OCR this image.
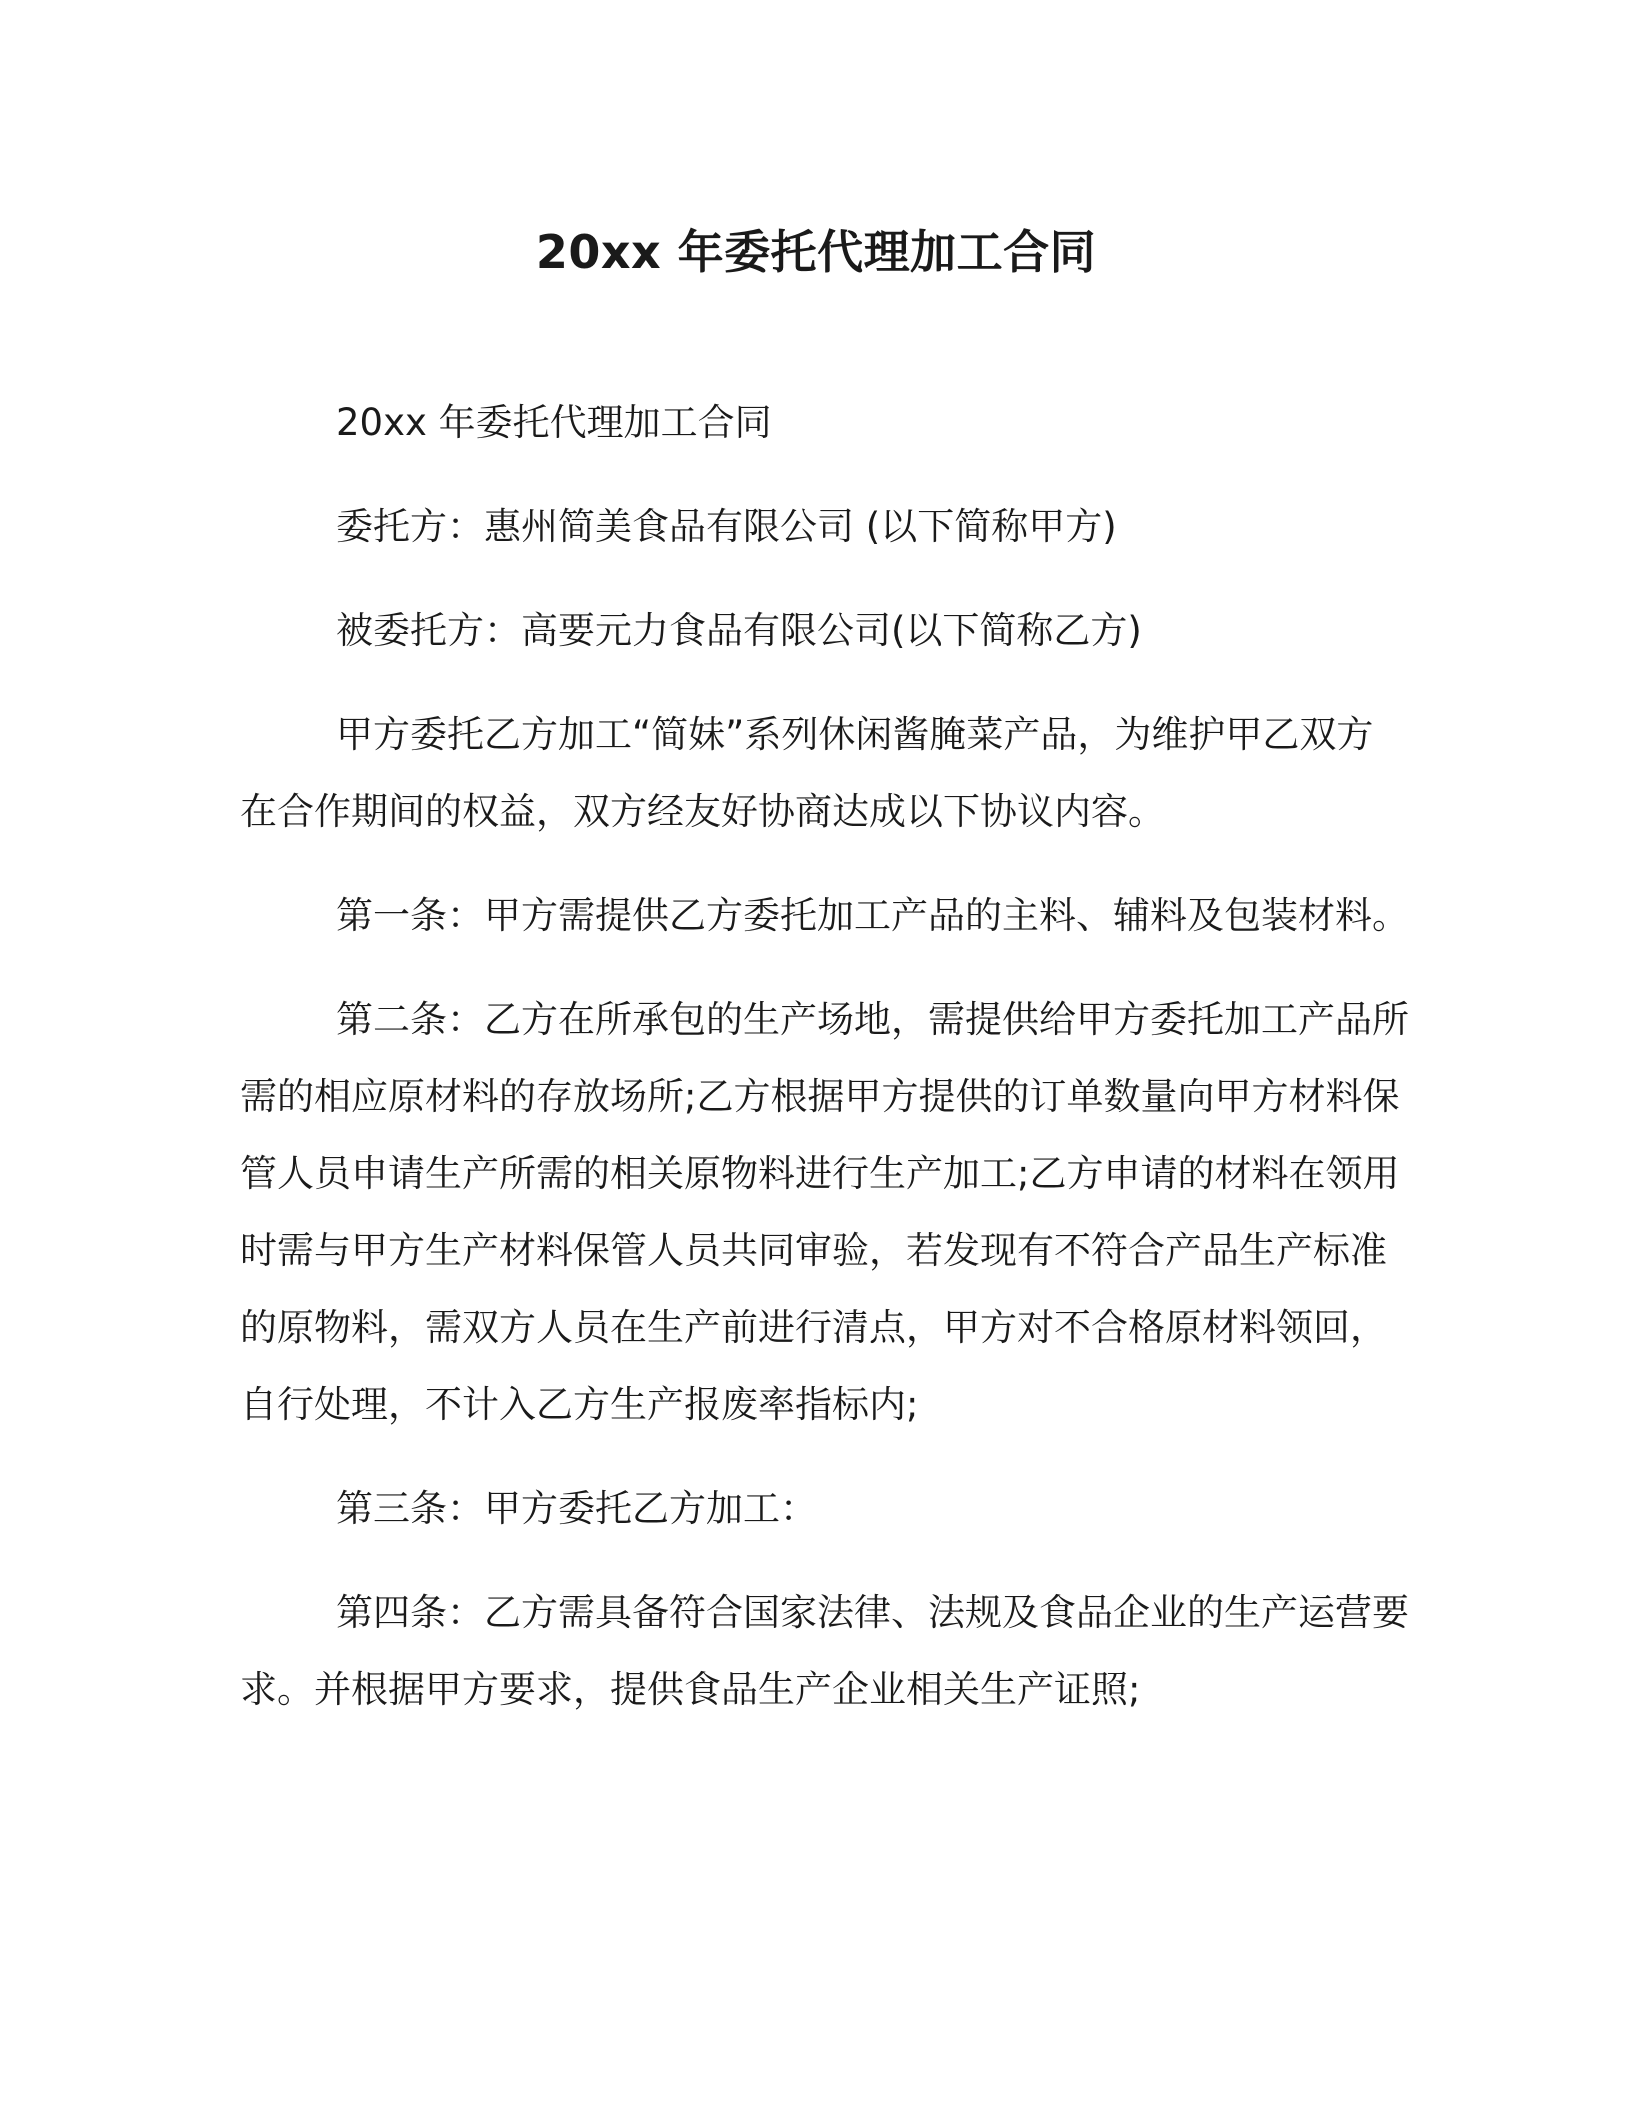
20xx 年委托代理加工合同

20xx 年委托代理加工合同

委托方：惠州简美食品有限公司 (以下简称甲方)

被委托方：高要元力食品有限公司(以下简称乙方)

甲方委托乙方加工“简妹”系列休闲酱腌菜产品，为维护甲乙双方在合作期间的权益，双方经友好协商达成以下协议内容。

第一条：甲方需提供乙方委托加工产品的主料、辅料及包装材料。

第二条：乙方在所承包的生产场地，需提供给甲方委托加工产品所需的相应原材料的存放场所;乙方根据甲方提供的订单数量向甲方材料保管人员申请生产所需的相关原物料进行生产加工;乙方申请的材料在领用时需与甲方生产材料保管人员共同审验，若发现有不符合产品生产标准的原物料，需双方人员在生产前进行清点，甲方对不合格原材料领回，自行处理，不计入乙方生产报废率指标内;

第三条：甲方委托乙方加工：

第四条：乙方需具备符合国家法律、法规及食品企业的生产运营要求。并根据甲方要求，提供食品生产企业相关生产证照;
